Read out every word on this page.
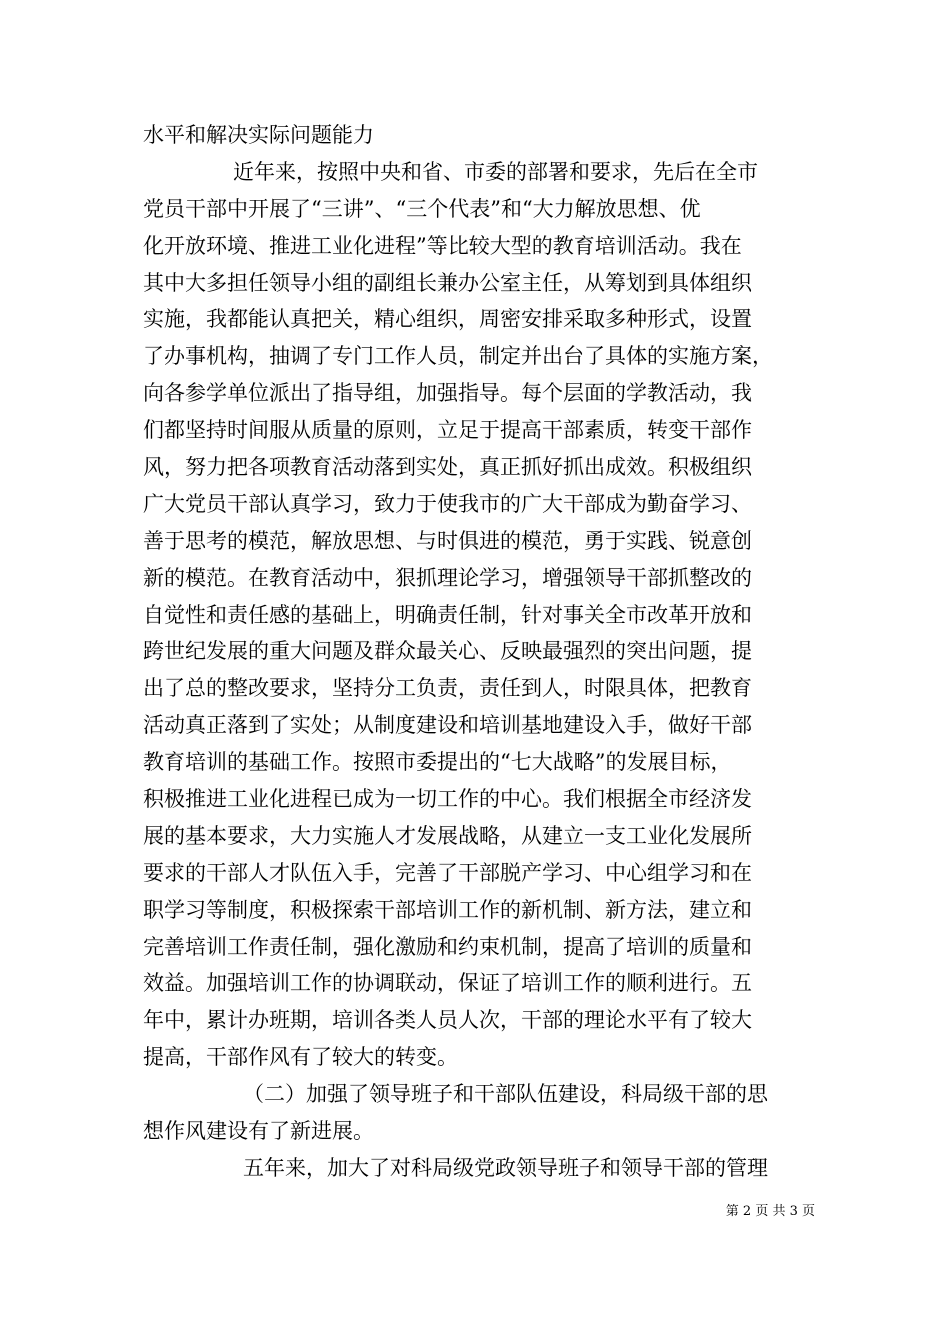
水平和解决实际问题能力
近年来，按照中央和省、市委的部署和要求，先后在全市
党员干部中开展了“三讲”、“三个代表”和“大力解放思想、优
化开放环境、推进工业化进程”等比较大型的教育培训活动。我在
其中大多担任领导小组的副组长兼办公室主任，从筹划到具体组织
实施，我都能认真把关，精心组织，周密安排采取多种形式，设置
了办事机构，抽调了专门工作人员，制定并出台了具体的实施方案，
向各参学单位派出了指导组，加强指导。每个层面的学教活动，我
们都坚持时间服从质量的原则，立足于提高干部素质，转变干部作
风，努力把各项教育活动落到实处，真正抓好抓出成效。积极组织
广大党员干部认真学习，致力于使我市的广大干部成为勤奋学习、
善于思考的模范，解放思想、与时俱进的模范，勇于实践、锐意创
新的模范。在教育活动中，狠抓理论学习，增强领导干部抓整改的
自觉性和责任感的基础上，明确责任制，针对事关全市改革开放和
跨世纪发展的重大问题及群众最关心、反映最强烈的突出问题，提
出了总的整改要求，坚持分工负责，责任到人，时限具体，把教育
活动真正落到了实处；从制度建设和培训基地建设入手，做好干部
教育培训的基础工作。按照市委提出的“七大战略”的发展目标，
积极推进工业化进程已成为一切工作的中心。我们根据全市经济发
展的基本要求，大力实施人才发展战略，从建立一支工业化发展所
要求的干部人才队伍入手，完善了干部脱产学习、中心组学习和在
职学习等制度，积极探索干部培训工作的新机制、新方法，建立和
完善培训工作责任制，强化激励和约束机制，提高了培训的质量和
效益。加强培训工作的协调联动，保证了培训工作的顺利进行。五
年中，累计办班期，培训各类人员人次，干部的理论水平有了较大
提高，干部作风有了较大的转变。
（二）加强了领导班子和干部队伍建设，科局级干部的思
想作风建设有了新进展。
五年来，加大了对科局级党政领导班子和领导干部的管理
第 2 页 共 3 页
